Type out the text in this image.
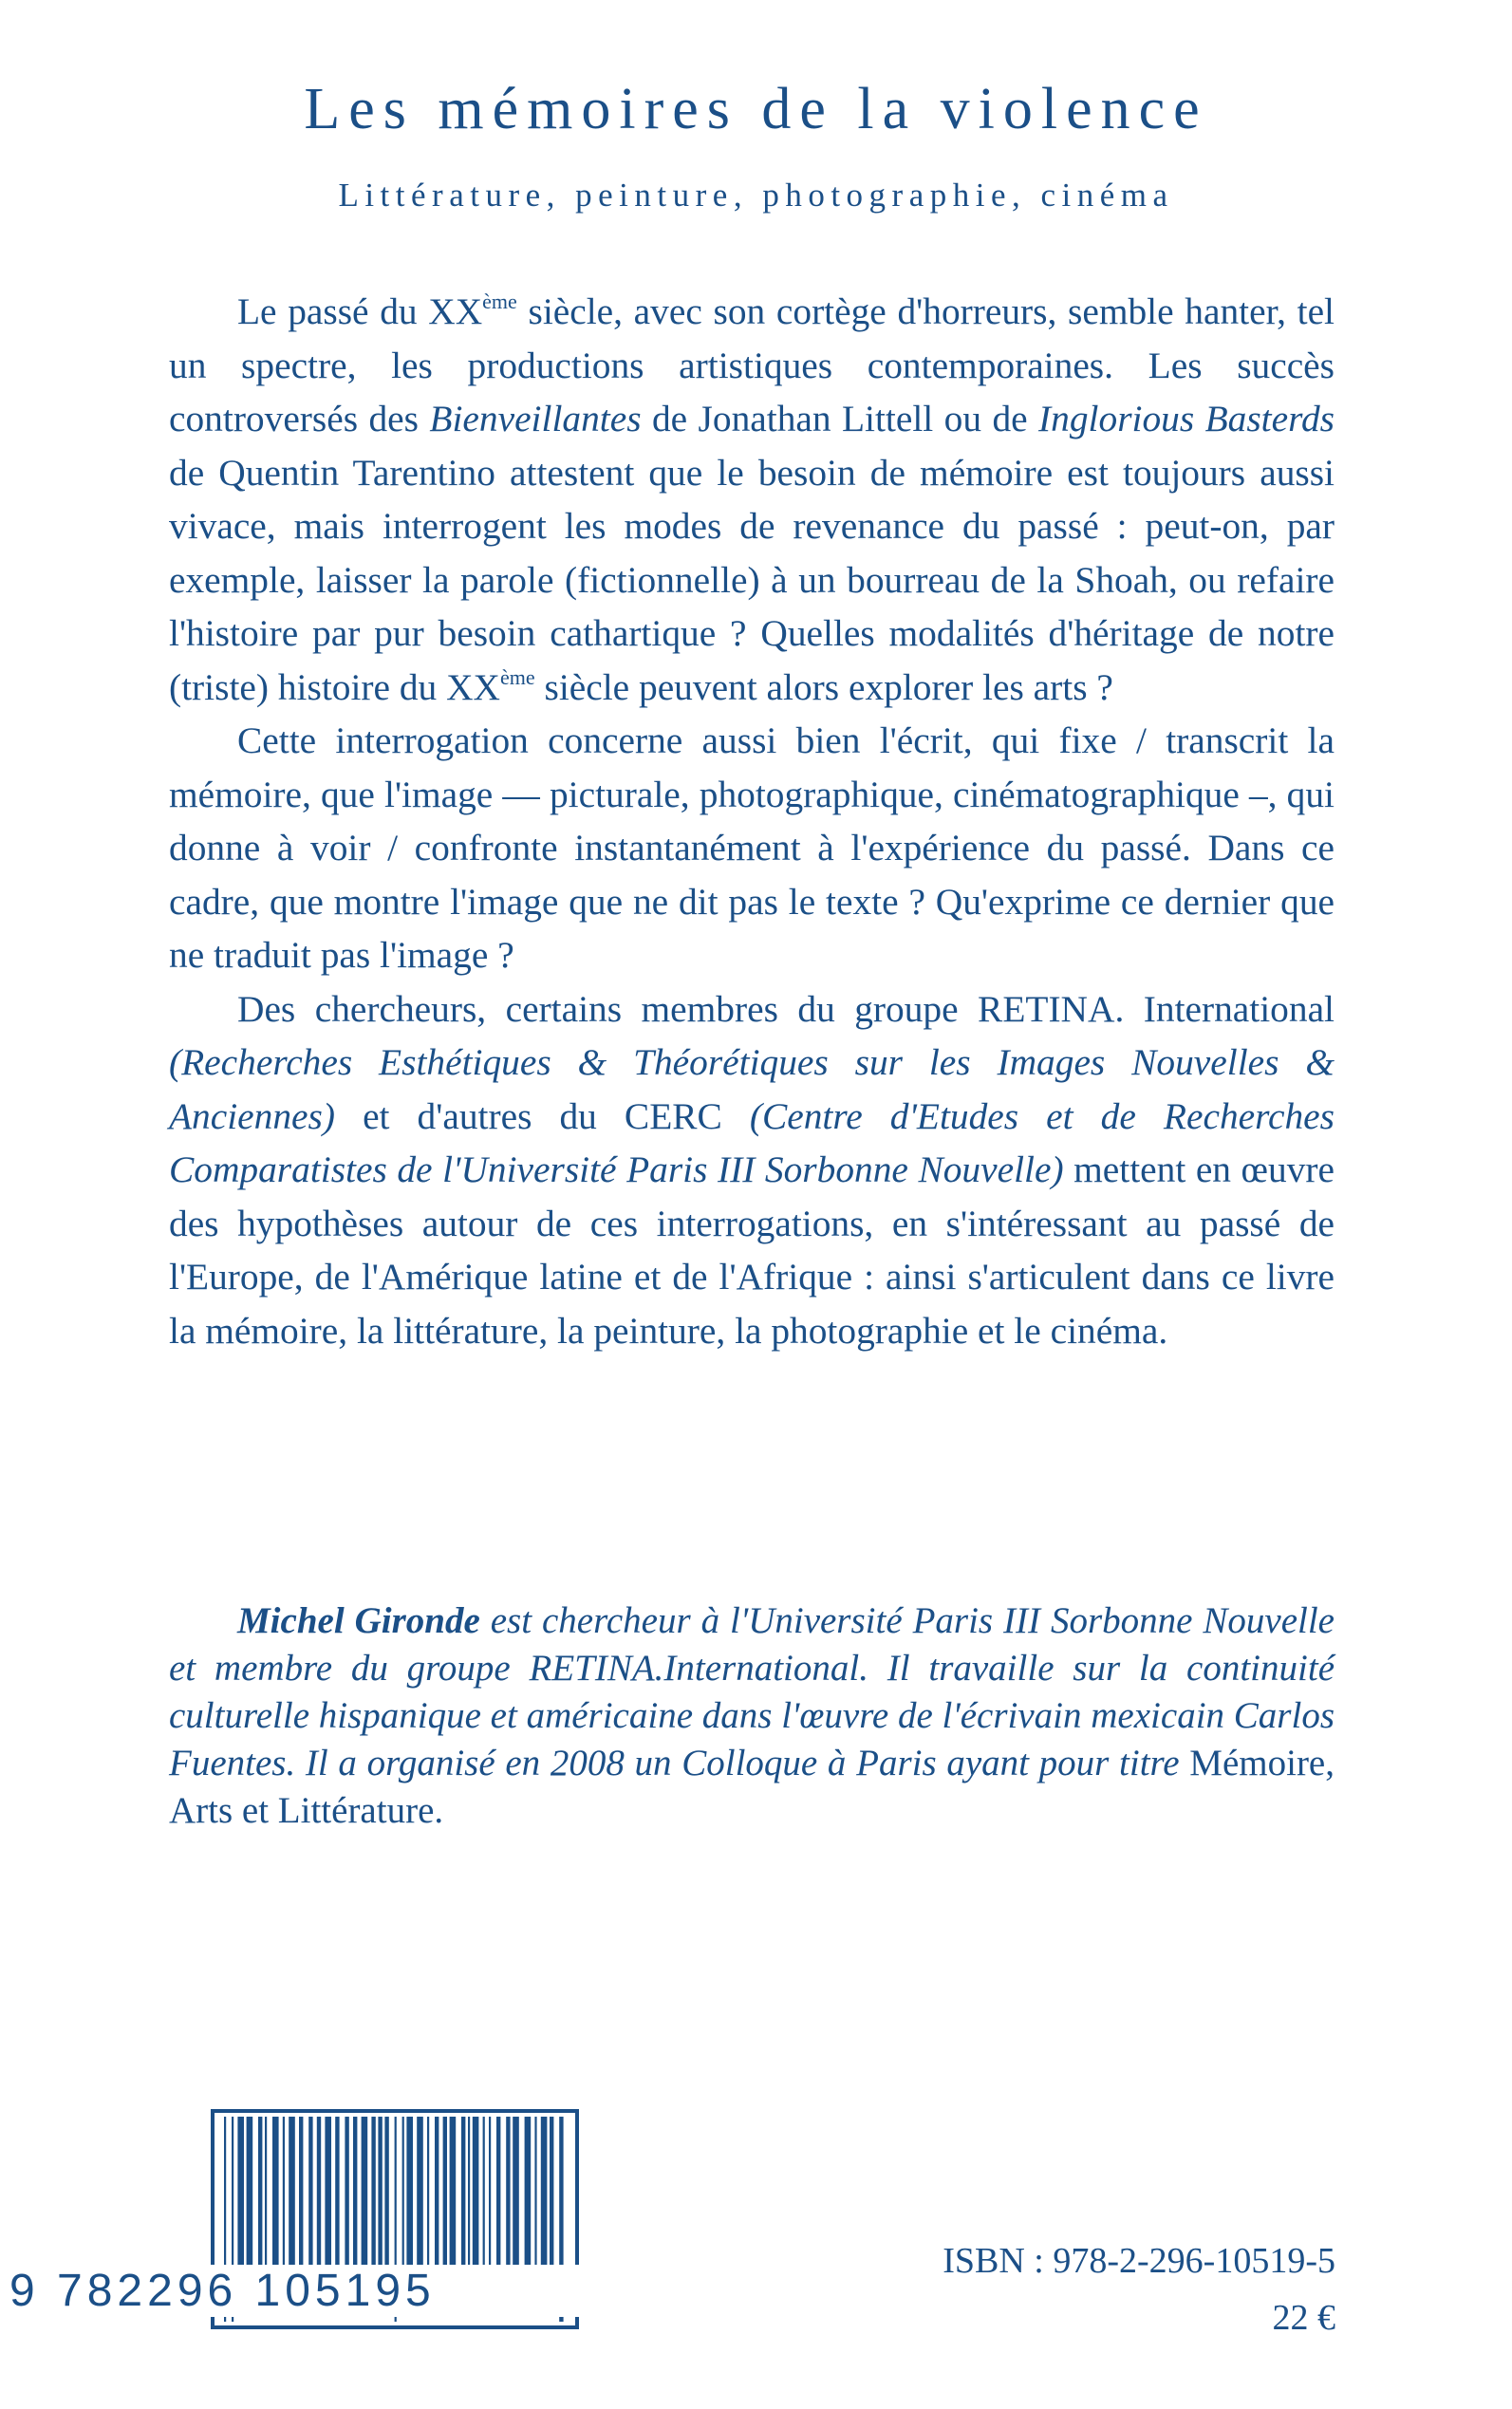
Les mémoires de la violence
Littérature, peinture, photographie, cinéma

Le passé du XXème siècle, avec son cortège d'horreurs, semble hanter, tel un spectre, les productions artistiques contemporaines. Les succès controversés des Bienveillantes de Jonathan Littell ou de Inglorious Basterds de Quentin Tarentino attestent que le besoin de mémoire est toujours aussi vivace, mais interrogent les modes de revenance du passé : peut-on, par exemple, laisser la parole (fictionnelle) à un bourreau de la Shoah, ou refaire l'histoire par pur besoin cathartique ? Quelles modalités d'héritage de notre (triste) histoire du XXème siècle peuvent alors explorer les arts ?

Cette interrogation concerne aussi bien l'écrit, qui fixe / transcrit la mémoire, que l'image — picturale, photographique, cinématographique –, qui donne à voir / confronte instantanément à l'expérience du passé. Dans ce cadre, que montre l'image que ne dit pas le texte ? Qu'exprime ce dernier que ne traduit pas l'image ?

Des chercheurs, certains membres du groupe RETINA. International (Recherches Esthétiques & Théorétiques sur les Images Nouvelles & Anciennes) et d'autres du CERC (Centre d'Etudes et de Recherches Comparatistes de l'Université Paris III Sorbonne Nouvelle) mettent en œuvre des hypothèses autour de ces interrogations, en s'intéressant au passé de l'Europe, de l'Amérique latine et de l'Afrique : ainsi s'articulent dans ce livre la mémoire, la littérature, la peinture, la photographie et le cinéma.

Michel Gironde est chercheur à l'Université Paris III Sorbonne Nouvelle et membre du groupe RETINA.International. Il travaille sur la continuité culturelle hispanique et américaine dans l'œuvre de l'écrivain mexicain Carlos Fuentes. Il a organisé en 2008 un Colloque à Paris ayant pour titre Mémoire, Arts et Littérature.

9 782296 105195
ISBN : 978-2-296-10519-5
22 €
